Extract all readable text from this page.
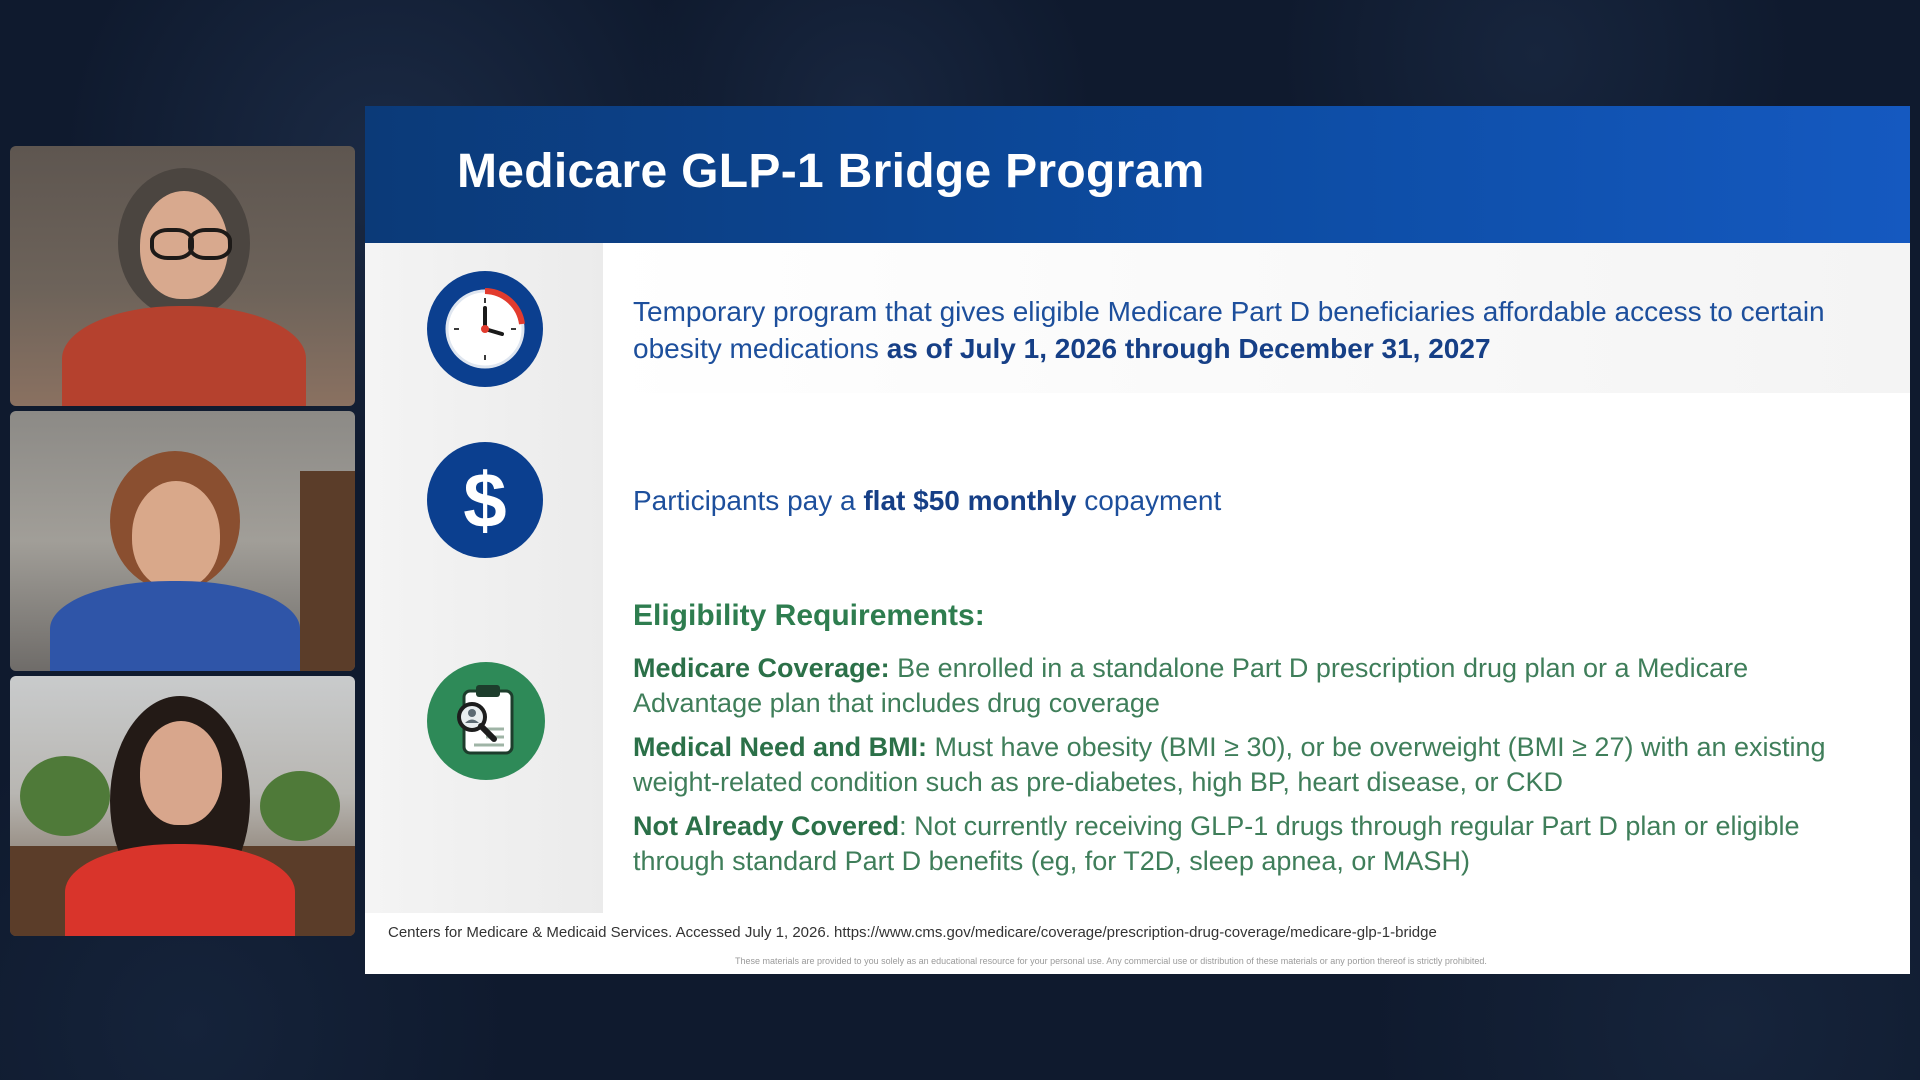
Medicare GLP-1 Bridge Program
Temporary program that gives eligible Medicare Part D beneficiaries affordable access to certain obesity medications as of July 1, 2026 through December 31, 2027
$	Participants pay a flat $50 monthly copayment
Eligibility Requirements:
Medicare Coverage: Be enrolled in a standalone Part D prescription drug plan or a Medicare Advantage plan that includes drug coverage
Medical Need and BMI: Must have obesity (BMI ≥ 30), or be overweight (BMI ≥ 27) with an existing weight-related condition such as pre-diabetes, high BP, heart disease, or CKD
Not Already Covered: Not currently receiving GLP-1 drugs through regular Part D plan or eligible through standard Part D benefits (eg, for T2D, sleep apnea, or MASH)
Centers for Medicare & Medicaid Services. Accessed July 1, 2026. https://www.cms.gov/medicare/coverage/prescription-drug-coverage/medicare-glp-1-bridge
These materials are provided to you solely as an educational resource for your personal use. Any commercial use or distribution of these materials or any portion thereof is strictly prohibited.
